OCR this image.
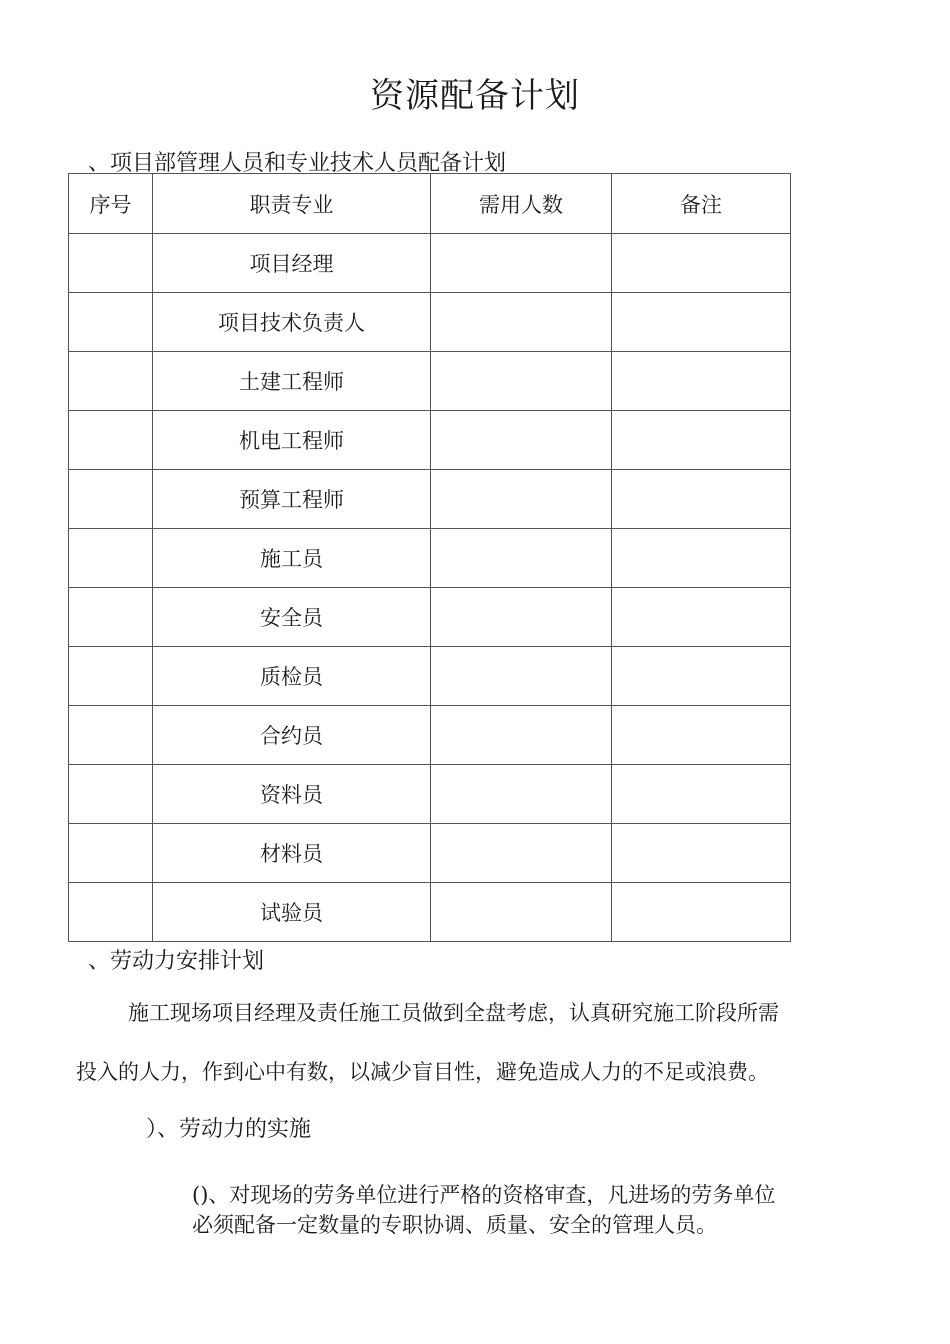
资源配备计划
、项目部管理人员和专业技术人员配备计划
序号	职责专业	需用人数	备注
	项目经理		
	项目技术负责人		
	土建工程师		
	机电工程师		
	预算工程师		
	施工员		
	安全员		
	质检员		
	合约员		
	资料员		
	材料员		
	试验员		
、劳动力安排计划
施工现场项目经理及责任施工员做到全盘考虑，认真研究施工阶段所需
投入的人力，作到心中有数，以减少盲目性，避免造成人力的不足或浪费。
）、劳动力的实施
()、对现场的劳务单位进行严格的资格审查，凡进场的劳务单位
必须配备一定数量的专职协调、质量、安全的管理人员。
